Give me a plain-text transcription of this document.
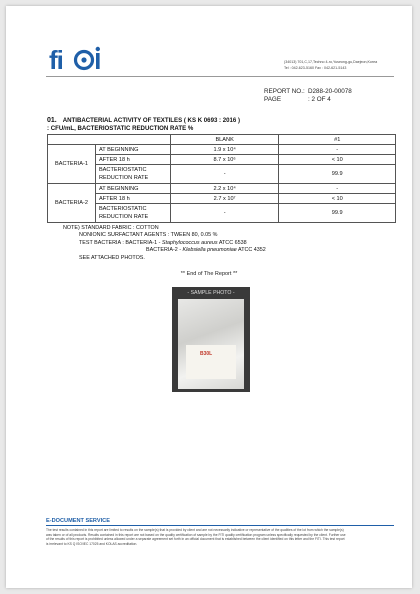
fi	(34013) 701,C,17,Techno 4-ro,Yuseong-gu,Daejeon,Korea
Tel : 042-623-5160 Fax : 042-621-5143
REPORT NO.: D288-20-00078
PAGE	: 2 OF 4
01. ANTIBACTERIAL ACTIVITY OF TEXTILES ( KS K 0693 : 2016 )
: CFU/mL, BACTERIOSTATIC REDUCTION RATE %
		BLANK	#1
BACTERIA-1	AT BEGINNING	1.9 x 10⁴	-
	AFTER 18 h	8.7 x 10⁶	< 10
	BACTERIOSTATIC REDUCTION RATE	-	99.9

BACTERIA-2	AT BEGINNING	2.2 x 10⁴	-
	AFTER 18 h	2.7 x 10⁷	< 10
	BACTERIOSTATIC REDUCTION RATE	-	99.9

NOTE) STANDARD FABRIC : COTTON
NONIONIC SURFACTANT AGENTS : TWEEN 80, 0.05 %
TEST BACTERIA : BACTERIA-1 - Staphylococcus aureus ATCC 6538
BACTERIA-2 - Klebsiella pneumoniae ATCC 4352
SEE ATTACHED PHOTOS.
** End of The Report **
- SAMPLE PHOTO -
B30L
E-DOCUMENT SERVICE
The test results contained in this report are limited to results on the sample(s) that is provided by client and are not necessarily indicative or representative of the qualities of the lot from which the sample(s) was taken or of all products. Results contained in this report are not based on the quality certification of sample by the FITI quality certification program unless specifically requested by the client. Further use of the results of this report is prohibited unless allowed under a separate agreement set forth in an official document that is established between the client identified on this letter and the FITI. This test report is irrelevant to KS Q ISO/IEC 17025 and KOLAS accreditation.
